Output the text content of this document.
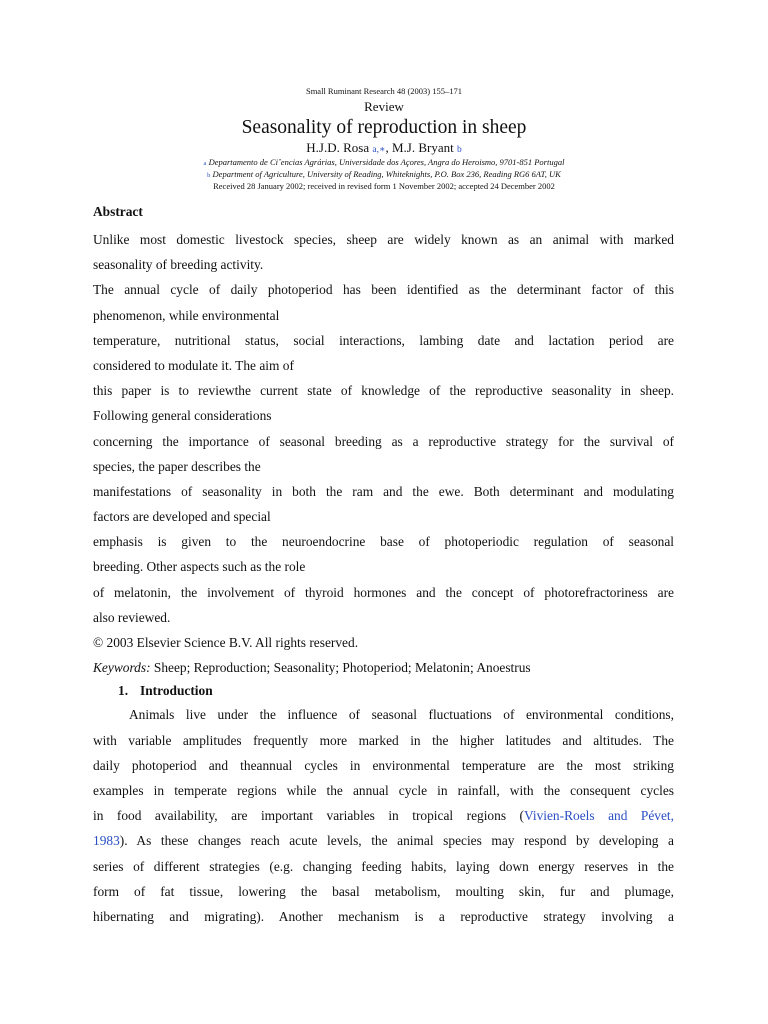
Small Ruminant Research 48 (2003) 155–171
Review
Seasonality of reproduction in sheep
H.J.D. Rosa a,∗, M.J. Bryant b
a Departamento de Ciˆencias Agrárias, Universidade dos Açores, Angra do Heroismo, 9701-851 Portugal
b Department of Agriculture, University of Reading, Whiteknights, P.O. Box 236, Reading RG6 6AT, UK
Received 28 January 2002; received in revised form 1 November 2002; accepted 24 December 2002
Abstract
Unlike most domestic livestock species, sheep are widely known as an animal with marked
seasonality of breeding activity.
The annual cycle of daily photoperiod has been identified as the determinant factor of this
phenomenon, while environmental
temperature, nutritional status, social interactions, lambing date and lactation period are
considered to modulate it. The aim of
this paper is to reviewthe current state of knowledge of the reproductive seasonality in sheep.
Following general considerations
concerning the importance of seasonal breeding as a reproductive strategy for the survival of
species, the paper describes the
manifestations of seasonality in both the ram and the ewe. Both determinant and modulating
factors are developed and special
emphasis is given to the neuroendocrine base of photoperiodic regulation of seasonal
breeding. Other aspects such as the role
of melatonin, the involvement of thyroid hormones and the concept of photorefractoriness are
also reviewed.
© 2003 Elsevier Science B.V. All rights reserved.
Keywords: Sheep; Reproduction; Seasonality; Photoperiod; Melatonin; Anoestrus
1. Introduction
Animals live under the influence of seasonal fluctuations of environmental conditions,
with variable amplitudes frequently more marked in the higher latitudes and altitudes. The
daily photoperiod and theannual cycles in environmental temperature are the most striking
examples in temperate regions while the annual cycle in rainfall, with the consequent cycles
in food availability, are important variables in tropical regions (Vivien-Roels and Pévet,
1983). As these changes reach acute levels, the animal species may respond by developing a
series of different strategies (e.g. changing feeding habits, laying down energy reserves in the
form of fat tissue, lowering the basal metabolism, moulting skin, fur and plumage,
hibernating and migrating). Another mechanism is a reproductive strategy involving a
